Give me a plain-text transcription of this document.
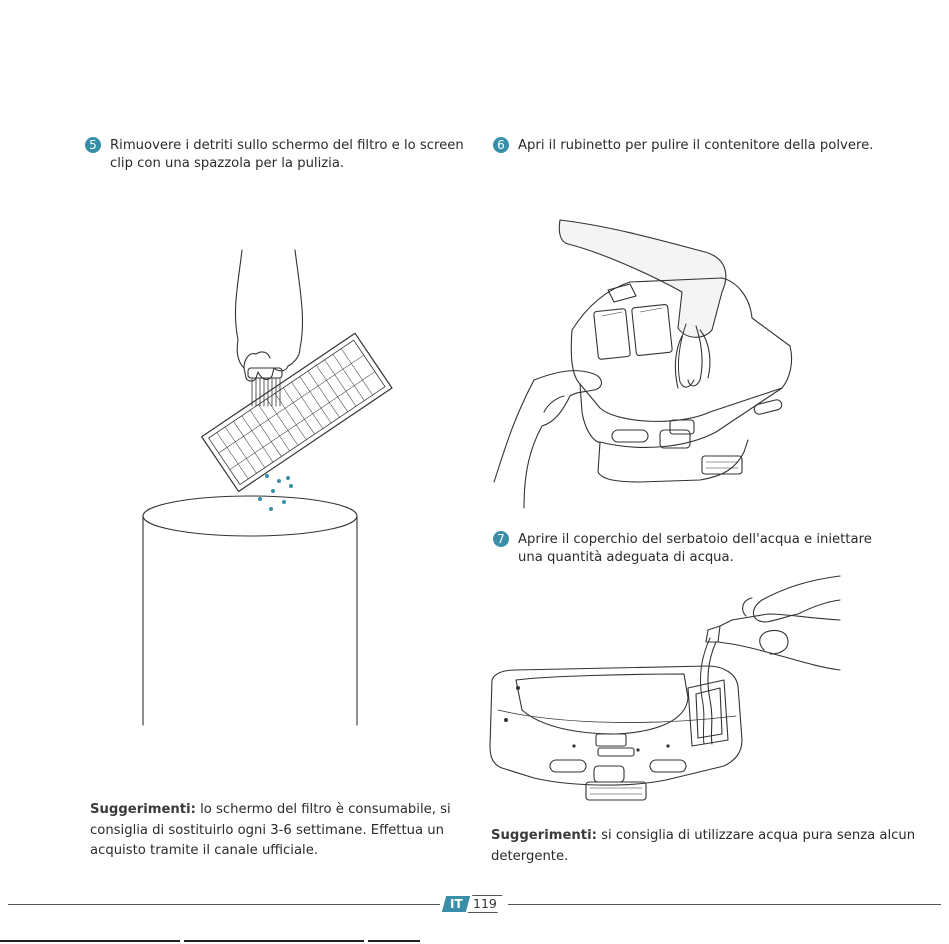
5 Rimuovere i detriti sullo schermo del filtro e lo screen
clip con una spazzola per la pulizia.
6 Apri il rubinetto per pulire il contenitore della polvere.
7 Aprire il coperchio del serbatoio dell'acqua e iniettare
una quantità adeguata di acqua.
Suggerimenti: lo schermo del filtro è consumabile, si
consiglia di sostituirlo ogni 3-6 settimane. Effettua un
acquisto tramite il canale ufficiale.
Suggerimenti: si consiglia di utilizzare acqua pura senza alcun
detergente.
IT 119
